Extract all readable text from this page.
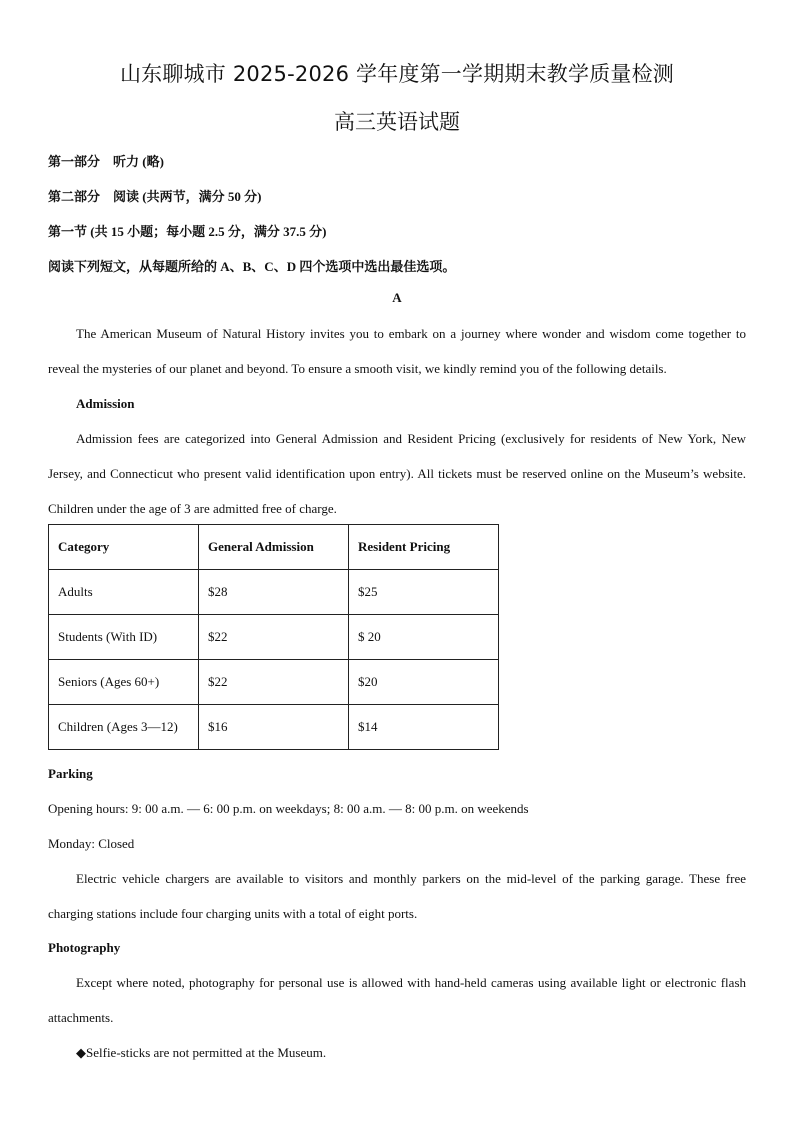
山东聊城市 2025-2026 学年度第一学期期末教学质量检测
高三英语试题
第一部分　听力 (略)
第二部分　阅读 (共两节，满分 50 分)
第一节 (共 15 小题；每小题 2.5 分，满分 37.5 分)
阅读下列短文，从每题所给的 A、B、C、D 四个选项中选出最佳选项。
A
The American Museum of Natural History invites you to embark on a journey where wonder and wisdom come together to reveal the mysteries of our planet and beyond. To ensure a smooth visit, we kindly remind you of the following details.
Admission
Admission fees are categorized into General Admission and Resident Pricing (exclusively for residents of New York, New Jersey, and Connecticut who present valid identification upon entry). All tickets must be reserved online on the Museum’s website. Children under the age of 3 are admitted free of charge.
Category	General Admission	Resident Pricing
Adults	$28	$25
Students (With ID)	$22	$ 20
Seniors (Ages 60+)	$22	$20
Children (Ages 3—12)	$16	$14
Parking
Opening hours: 9: 00 a.m. — 6: 00 p.m. on weekdays; 8: 00 a.m. — 8: 00 p.m. on weekends
Monday: Closed
Electric vehicle chargers are available to visitors and monthly parkers on the mid-level of the parking garage. These free charging stations include four charging units with a total of eight ports.
Photography
Except where noted, photography for personal use is allowed with hand-held cameras using available light or electronic flash attachments.
◆Selfie-sticks are not permitted at the Museum.
